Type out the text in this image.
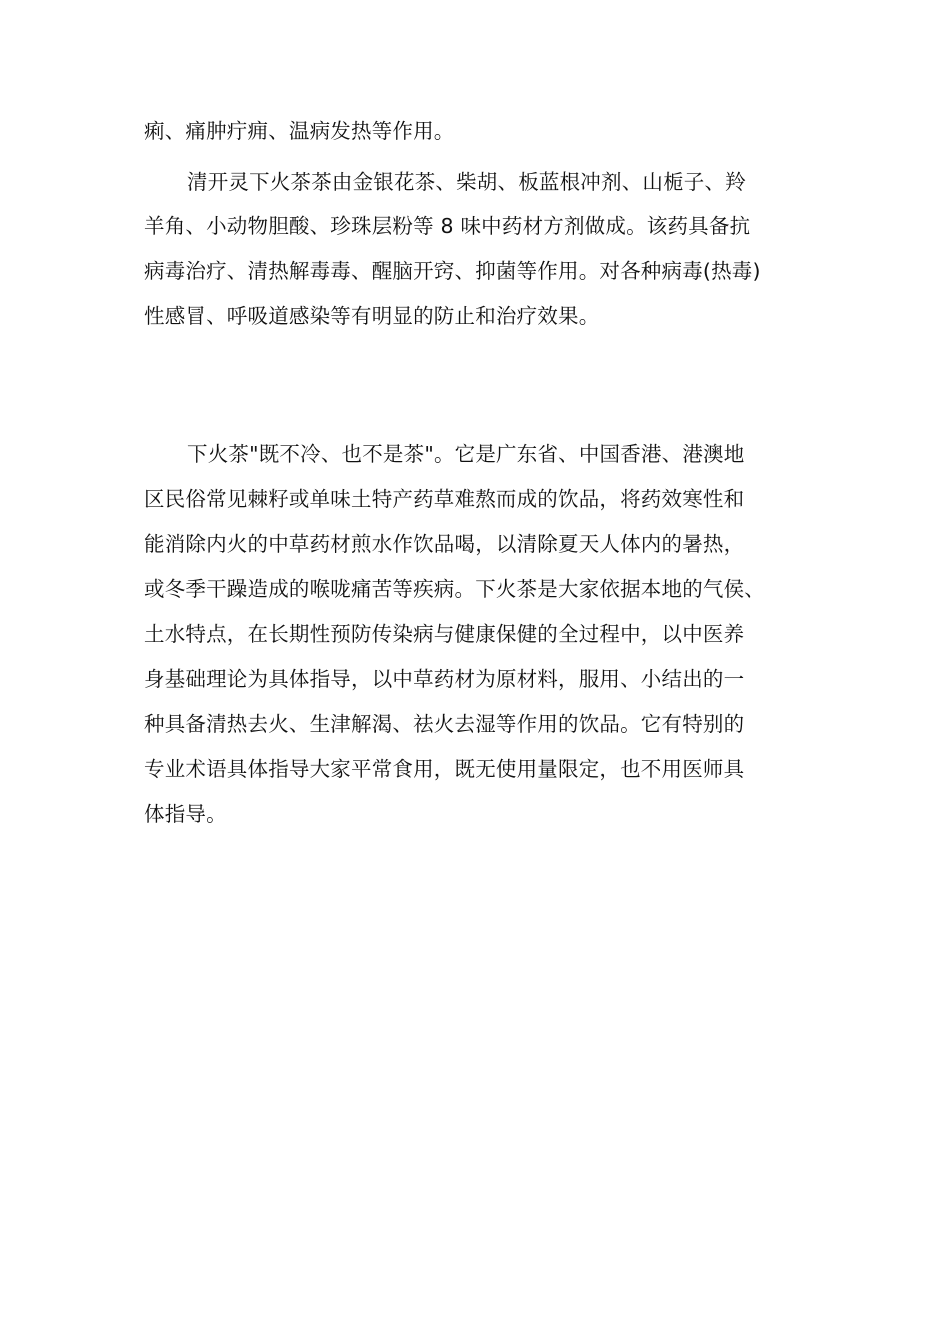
痢、痛肿疔痈、温病发热等作用。
清开灵下火茶茶由金银花茶、柴胡、板蓝根冲剂、山栀子、羚
羊角、小动物胆酸、珍珠层粉等 8 味中药材方剂做成。该药具备抗
病毒治疗、清热解毒毒、醒脑开窍、抑菌等作用。对各种病毒(热毒)
性感冒、呼吸道感染等有明显的防止和治疗效果。
下火茶"既不冷、也不是茶"。它是广东省、中国香港、港澳地
区民俗常见棘籽或单味土特产药草难熬而成的饮品，将药效寒性和
能消除内火的中草药材煎水作饮品喝，以清除夏天人体内的暑热，
或冬季干躁造成的喉咙痛苦等疾病。下火茶是大家依据本地的气侯、
土水特点，在长期性预防传染病与健康保健的全过程中，以中医养
身基础理论为具体指导，以中草药材为原材料，服用、小结出的一
种具备清热去火、生津解渴、祛火去湿等作用的饮品。它有特别的
专业术语具体指导大家平常食用，既无使用量限定，也不用医师具
体指导。
